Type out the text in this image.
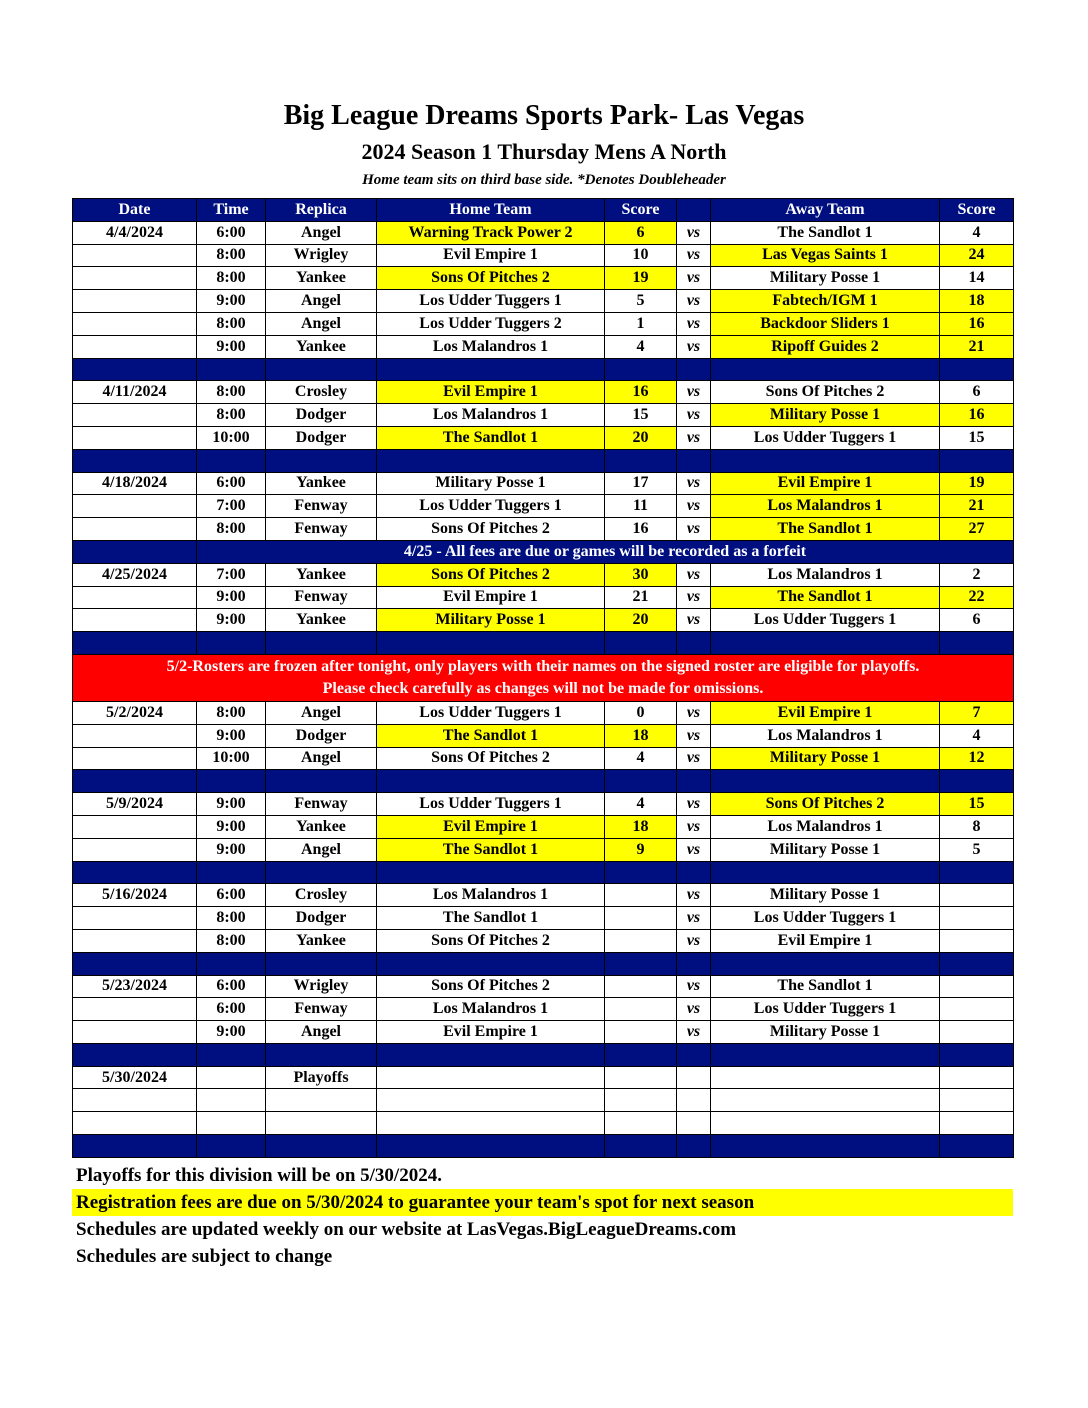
Big League Dreams Sports Park- Las Vegas
2024 Season 1 Thursday Mens A North
Home team sits on third base side. *Denotes Doubleheader
Date	Time	Replica	Home Team	Score		Away Team	Score
4/4/2024	6:00	Angel	Warning Track Power 2	6	vs	The Sandlot 1	4
	8:00	Wrigley	Evil Empire 1	10	vs	Las Vegas Saints 1	24
	8:00	Yankee	Sons Of Pitches 2	19	vs	Military Posse 1	14
	9:00	Angel	Los Udder Tuggers 1	5	vs	Fabtech/IGM 1	18
	8:00	Angel	Los Udder Tuggers 2	1	vs	Backdoor Sliders 1	16
	9:00	Yankee	Los Malandros 1	4	vs	Ripoff Guides 2	21

4/11/2024	8:00	Crosley	Evil Empire 1	16	vs	Sons Of Pitches 2	6
	8:00	Dodger	Los Malandros 1	15	vs	Military Posse 1	16
	10:00	Dodger	The Sandlot 1	20	vs	Los Udder Tuggers 1	15

4/18/2024	6:00	Yankee	Military Posse 1	17	vs	Evil Empire 1	19
	7:00	Fenway	Los Udder Tuggers 1	11	vs	Los Malandros 1	21
	8:00	Fenway	Sons Of Pitches 2	16	vs	The Sandlot 1	27
	4/25 - All fees are due or games will be recorded as a forfeit						
4/25/2024	7:00	Yankee	Sons Of Pitches 2	30	vs	Los Malandros 1	2
	9:00	Fenway	Evil Empire 1	21	vs	The Sandlot 1	22
	9:00	Yankee	Military Posse 1	20	vs	Los Udder Tuggers 1	6

5/2-Rosters are frozen after tonight, only players with their names on the signed roster are eligible for playoffs.
Please check carefully as changes will not be made for omissions.							

5/2/2024	8:00	Angel	Los Udder Tuggers 1	0	vs	Evil Empire 1	7
	9:00	Dodger	The Sandlot 1	18	vs	Los Malandros 1	4
	10:00	Angel	Sons Of Pitches 2	4	vs	Military Posse 1	12

5/9/2024	9:00	Fenway	Los Udder Tuggers 1	4	vs	Sons Of Pitches 2	15
	9:00	Yankee	Evil Empire 1	18	vs	Los Malandros 1	8
	9:00	Angel	The Sandlot 1	9	vs	Military Posse 1	5

5/16/2024	6:00	Crosley	Los Malandros 1		vs	Military Posse 1	
	8:00	Dodger	The Sandlot 1		vs	Los Udder Tuggers 1	
	8:00	Yankee	Sons Of Pitches 2		vs	Evil Empire 1	

5/23/2024	6:00	Wrigley	Sons Of Pitches 2		vs	The Sandlot 1	
	6:00	Fenway	Los Malandros 1		vs	Los Udder Tuggers 1	
	9:00	Angel	Evil Empire 1		vs	Military Posse 1	

5/30/2024		Playoffs					

Playoffs for this division will be on 5/30/2024.
Registration fees are due on 5/30/2024 to guarantee your team's spot for next season
Schedules are updated weekly on our website at LasVegas.BigLeagueDreams.com
Schedules are subject to change
